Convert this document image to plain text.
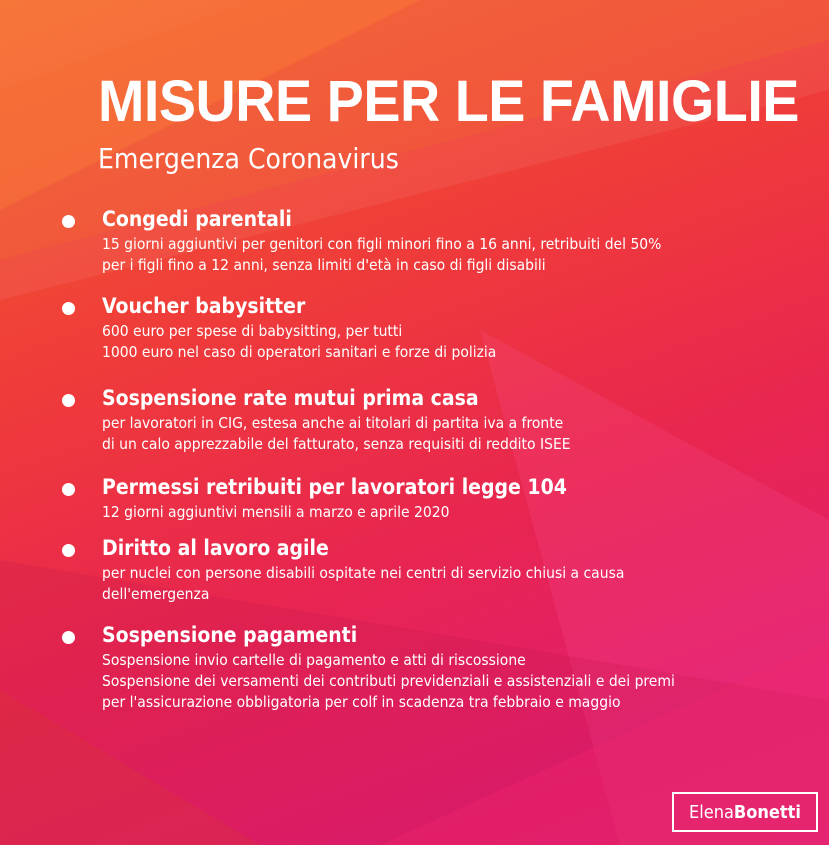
MISURE PER LE FAMIGLIE
Emergenza Coronavirus
Congedi parentali
15 giorni aggiuntivi per genitori con figli minori fino a 16 anni, retribuiti del 50%
per i figli fino a 12 anni, senza limiti d'età in caso di figli disabili
Voucher babysitter
600 euro per spese di babysitting, per tutti
1000 euro nel caso di operatori sanitari e forze di polizia
Sospensione rate mutui prima casa
per lavoratori in CIG, estesa anche ai titolari di partita iva a fronte
di un calo apprezzabile del fatturato, senza requisiti di reddito ISEE
Permessi retribuiti per lavoratori legge 104
12 giorni aggiuntivi mensili a marzo e aprile 2020
Diritto al lavoro agile
per nuclei con persone disabili ospitate nei centri di servizio chiusi a causa
dell'emergenza
Sospensione pagamenti
Sospensione invio cartelle di pagamento e atti di riscossione
Sospensione dei versamenti dei contributi previdenziali e assistenziali e dei premi
per l'assicurazione obbligatoria per colf in scadenza tra febbraio e maggio
Elena Bonetti
